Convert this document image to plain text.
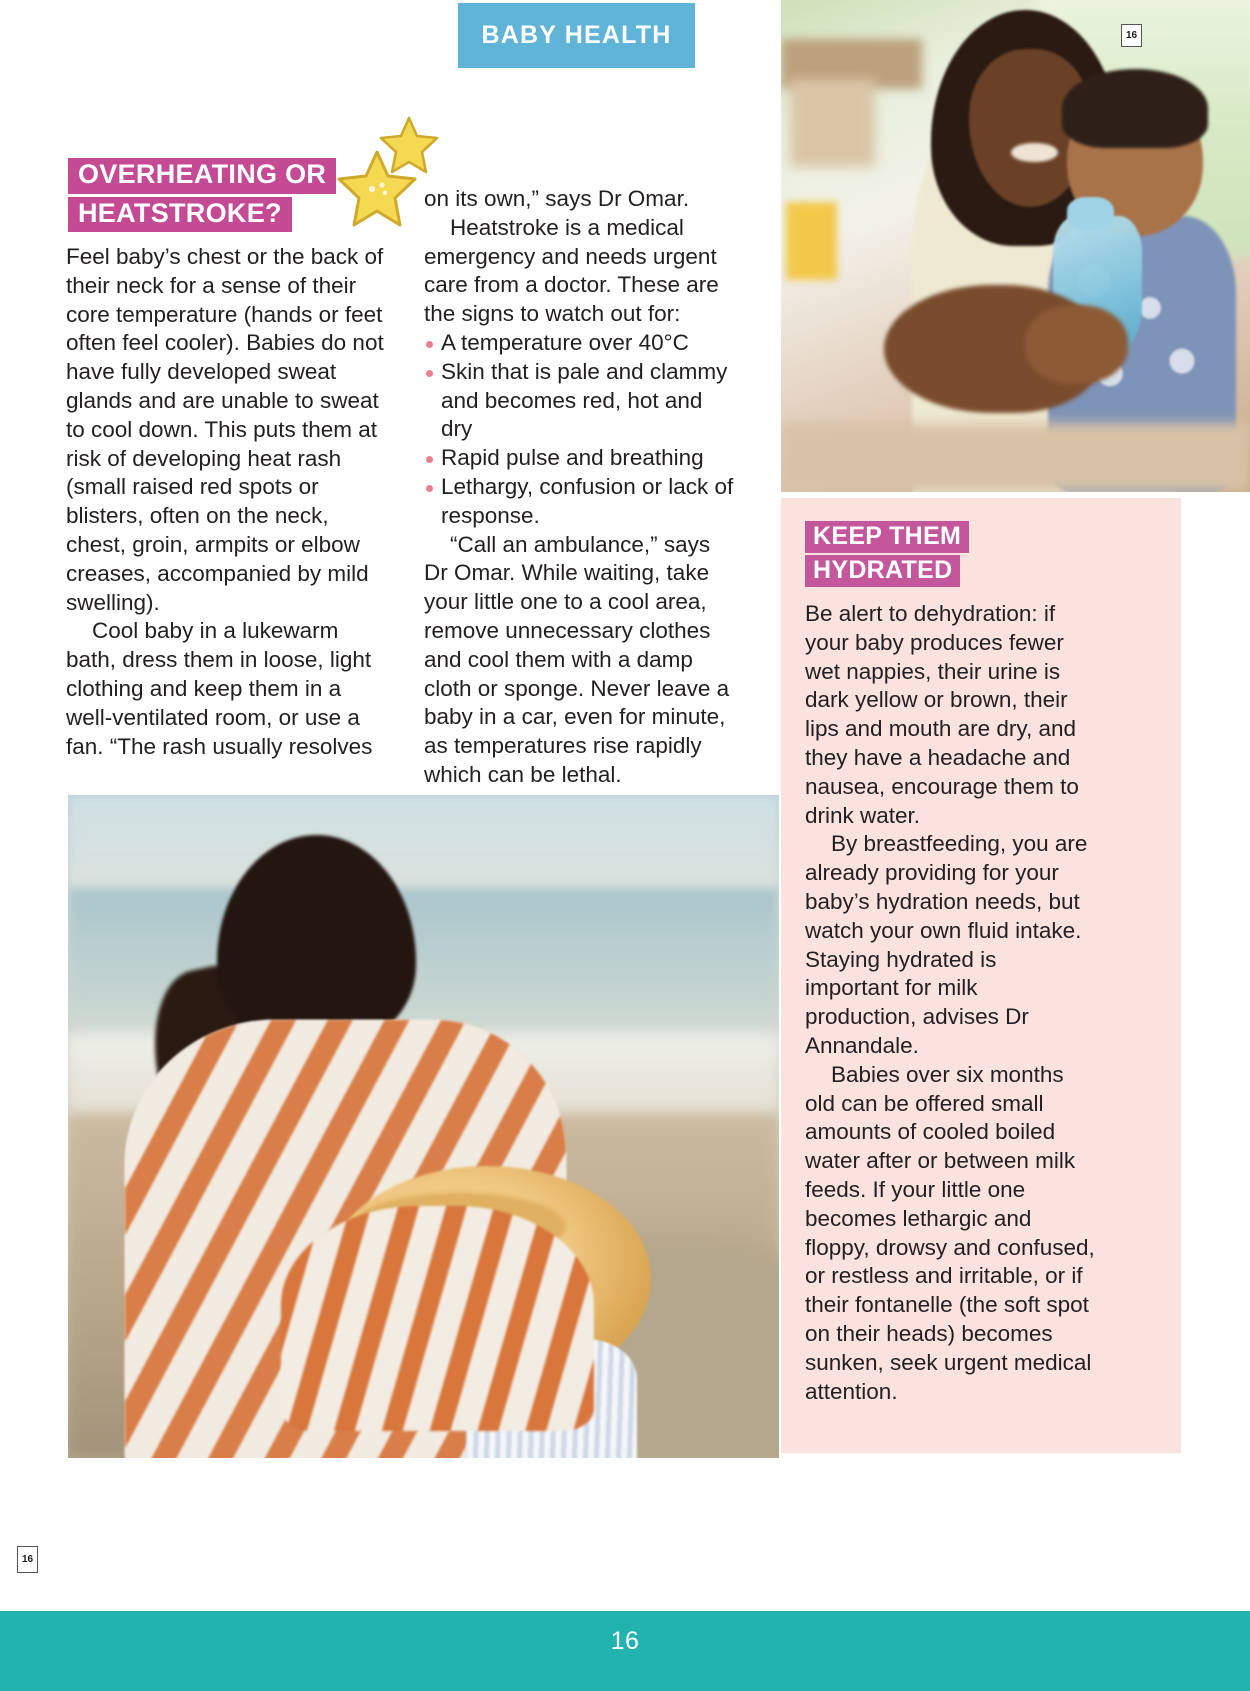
BABY HEALTH	16
OVERHEATING OR
HEATSTROKE?

Feel baby’s chest or the back of their neck for a sense of their core temperature (hands or feet often feel cooler). Babies do not have fully developed sweat glands and are unable to sweat to cool down. This puts them at risk of developing heat rash (small raised red spots or blisters, often on the neck, chest, groin, armpits or elbow creases, accompanied by mild swelling).

Cool baby in a lukewarm bath, dress them in loose, light clothing and keep them in a well-ventilated room, or use a fan. “The rash usually resolves

on its own,” says Dr Omar.

Heatstroke is a medical emergency and needs urgent care from a doctor. These are the signs to watch out for:

A temperature over 40°C
Skin that is pale and clammy and becomes red, hot and dry
Rapid pulse and breathing
Lethargy, confusion or lack of response.

“Call an ambulance,” says Dr Omar. While waiting, take your little one to a cool area, remove unnecessary clothes and cool them with a damp cloth or sponge. Never leave a baby in a car, even for minute, as temperatures rise rapidly which can be lethal.

KEEP THEM
HYDRATED

Be alert to dehydration: if your baby produces fewer wet nappies, their urine is dark yellow or brown, their lips and mouth are dry, and they have a headache and nausea, encourage them to drink water.

By breastfeeding, you are already providing for your baby’s hydration needs, but watch your own fluid intake. Staying hydrated is important for milk production, advises Dr Annandale.

Babies over six months old can be offered small amounts of cooled boiled water after or between milk feeds. If your little one becomes lethargic and floppy, drowsy and confused, or restless and irritable, or if their fontanelle (the soft spot on their heads) becomes sunken, seek urgent medical attention.

16
16
